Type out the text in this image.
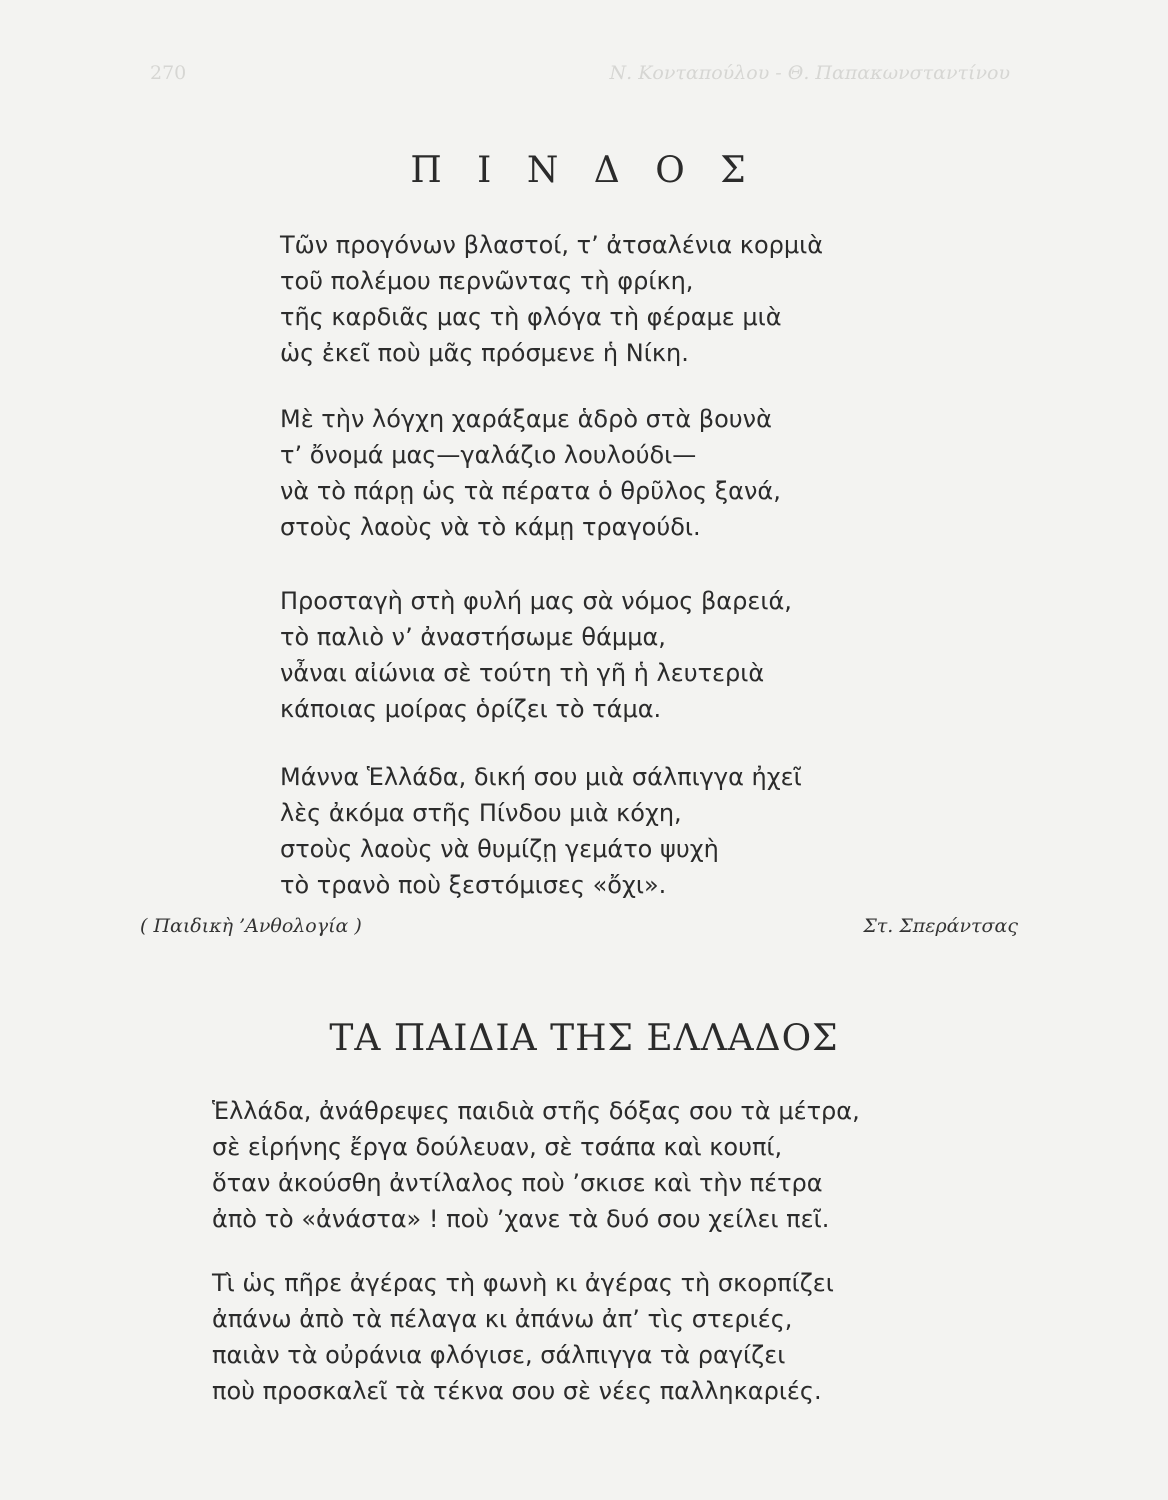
270	Ν. Κονταπούλου - Θ. Παπακωνσταντίνου
Π Ι Ν Δ Ο Σ
Τῶν προγόνων βλαστοί, τ’ ἀτσαλένια κορμιὰ
τοῦ πολέμου περνῶντας τὴ φρίκη,
τῆς καρδιᾶς μας τὴ φλόγα τὴ φέραμε μιὰ
ὡς ἐκεῖ ποὺ μᾶς πρόσμενε ἡ Νίκη.
Μὲ τὴν λόγχη χαράξαμε ἁδρὸ στὰ βουνὰ
τ’ ὄνομά μας—γαλάζιο λουλούδι—
νὰ τὸ πάρῃ ὡς τὰ πέρατα ὁ θρῦλος ξανά,
στοὺς λαοὺς νὰ τὸ κάμῃ τραγούδι.
Προσταγὴ στὴ φυλή μας σὰ νόμος βαρειά,
τὸ παλιὸ ν’ ἀναστήσωμε θάμμα,
νἆναι αἰώνια σὲ τούτη τὴ γῆ ἡ λευτεριὰ
κάποιας μοίρας ὁρίζει τὸ τάμα.
Μάννα Ἑλλάδα, δική σου μιὰ σάλπιγγα ἠχεῖ
λὲς ἀκόμα στῆς Πίνδου μιὰ κόχη,
στοὺς λαοὺς νὰ θυμίζῃ γεμάτο ψυχὴ
τὸ τρανὸ ποὺ ξεστόμισες «ὄχι».
( Παιδικὴ ’Ανθολογία )	Στ. Σπεράντσας
ΤΑ ΠΑΙΔΙΑ ΤΗΣ ΕΛΛΑΔΟΣ
Ἑλλάδα, ἀνάθρεψες παιδιὰ στῆς δόξας σου τὰ μέτρα,
σὲ εἰρήνης ἔργα δούλευαν, σὲ τσάπα καὶ κουπί,
ὅταν ἀκούσθη ἀντίλαλος ποὺ ’σκισε καὶ τὴν πέτρα
ἀπὸ τὸ «ἀνάστα» ! ποὺ ’χανε τὰ δυό σου χείλει πεῖ.
Τὶ ὡς πῆρε ἀγέρας τὴ φωνὴ κι ἀγέρας τὴ σκορπίζει
ἀπάνω ἀπὸ τὰ πέλαγα κι ἀπάνω ἀπ’ τὶς στεριές,
παιὰν τὰ οὐράνια φλόγισε, σάλπιγγα τὰ ραγίζει
ποὺ προσκαλεῖ τὰ τέκνα σου σὲ νέες παλληκαριές.
